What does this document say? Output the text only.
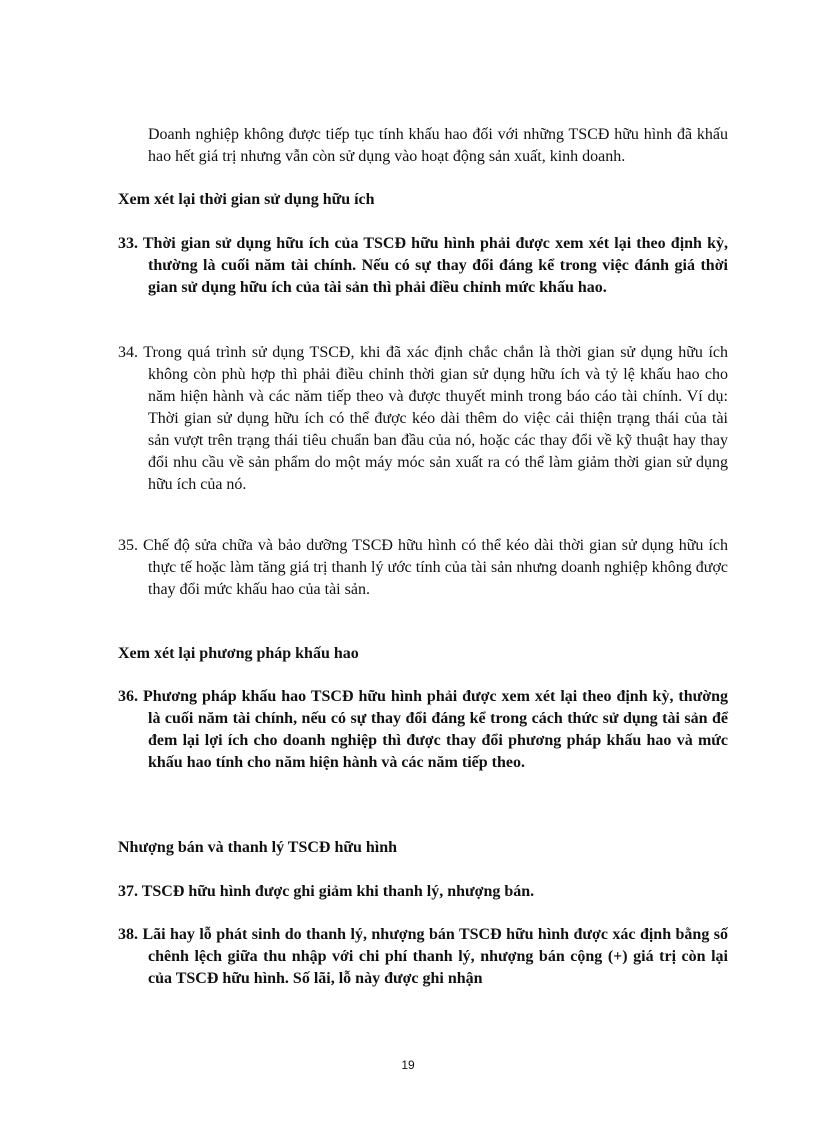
Doanh nghiệp không được tiếp tục tính khấu hao đối với những TSCĐ hữu hình đã khấu hao hết giá trị nhưng vẫn còn sử dụng vào hoạt động sản xuất, kinh doanh.

Xem xét lại thời gian sử dụng hữu ích

33. Thời gian sử dụng hữu ích của TSCĐ hữu hình phải được xem xét lại theo định kỳ, thường là cuối năm tài chính. Nếu có sự thay đổi đáng kể trong việc đánh giá thời gian sử dụng hữu ích của tài sản thì phải điều chỉnh mức khấu hao.

34. Trong quá trình sử dụng TSCĐ, khi đã xác định chắc chắn là thời gian sử dụng hữu ích không còn phù hợp thì phải điều chỉnh thời gian sử dụng hữu ích và tỷ lệ khấu hao cho năm hiện hành và các năm tiếp theo và được thuyết minh trong báo cáo tài chính. Ví dụ: Thời gian sử dụng hữu ích có thể được kéo dài thêm do việc cải thiện trạng thái của tài sản vượt trên trạng thái tiêu chuẩn ban đầu của nó, hoặc các thay đổi về kỹ thuật hay thay đổi nhu cầu về sản phẩm do một máy móc sản xuất ra có thể làm giảm thời gian sử dụng hữu ích của nó.

35. Chế độ sửa chữa và bảo dưỡng TSCĐ hữu hình có thể kéo dài thời gian sử dụng hữu ích thực tế hoặc làm tăng giá trị thanh lý ước tính của tài sản nhưng doanh nghiệp không được thay đổi mức khấu hao của tài sản.

Xem xét lại phương pháp khấu hao

36. Phương pháp khấu hao TSCĐ hữu hình phải được xem xét lại theo định kỳ, thường là cuối năm tài chính, nếu có sự thay đổi đáng kể trong cách thức sử dụng tài sản để đem lại lợi ích cho doanh nghiệp thì được thay đổi phương pháp khấu hao và mức khấu hao tính cho năm hiện hành và các năm tiếp theo.

Nhượng bán và thanh lý TSCĐ hữu hình

37. TSCĐ hữu hình được ghi giảm khi thanh lý, nhượng bán.

38. Lãi hay lỗ phát sinh do thanh lý, nhượng bán TSCĐ hữu hình được xác định bằng số chênh lệch giữa thu nhập với chi phí thanh lý, nhượng bán cộng (+) giá trị còn lại của TSCĐ hữu hình. Số lãi, lỗ này được ghi nhận

19
